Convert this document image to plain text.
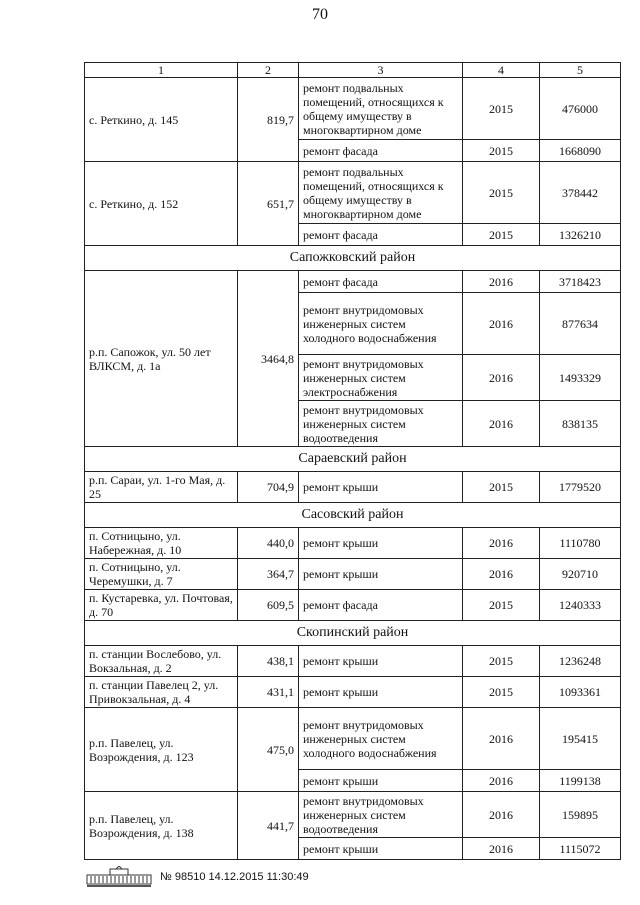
70
1	2	3	4	5
с. Реткино, д. 145	819,7	ремонт подвальных помещений, относящихся к общему имуществу в многоквартирном доме	2015	476000
		ремонт фасада	2015	1668090
с. Реткино, д. 152	651,7	ремонт подвальных помещений, относящихся к общему имуществу в многоквартирном доме	2015	378442
		ремонт фасада	2015	1326210
Сапожковский район				
р.п. Сапожок, ул. 50 лет ВЛКСМ, д. 1а	3464,8	ремонт фасада	2016	3718423
		ремонт внутридомовых инженерных систем холодного водоснабжения	2016	877634
		ремонт внутридомовых инженерных систем электроснабжения	2016	1493329
		ремонт внутридомовых инженерных систем водоотведения	2016	838135
Сараевский район				
р.п. Сараи, ул. 1-го Мая, д. 25	704,9	ремонт крыши	2015	1779520
Сасовский район				
п. Сотницыно, ул. Набережная, д. 10	440,0	ремонт крыши	2016	1110780
п. Сотницыно, ул. Черемушки, д. 7	364,7	ремонт крыши	2016	920710
п. Кустаревка, ул. Почтовая, д. 70	609,5	ремонт фасада	2015	1240333
Скопинский район				
п. станции Вослебово, ул. Вокзальная, д. 2	438,1	ремонт крыши	2015	1236248
п. станции Павелец 2, ул. Привокзальная, д. 4	431,1	ремонт крыши	2015	1093361
р.п. Павелец, ул. Возрождения, д. 123	475,0	ремонт внутридомовых инженерных систем холодного водоснабжения	2016	195415
		ремонт крыши	2016	1199138
р.п. Павелец, ул. Возрождения, д. 138	441,7	ремонт внутридомовых инженерных систем водоотведения	2016	159895
		ремонт крыши	2016	1115072
№ 98510 14.12.2015 11:30:49
